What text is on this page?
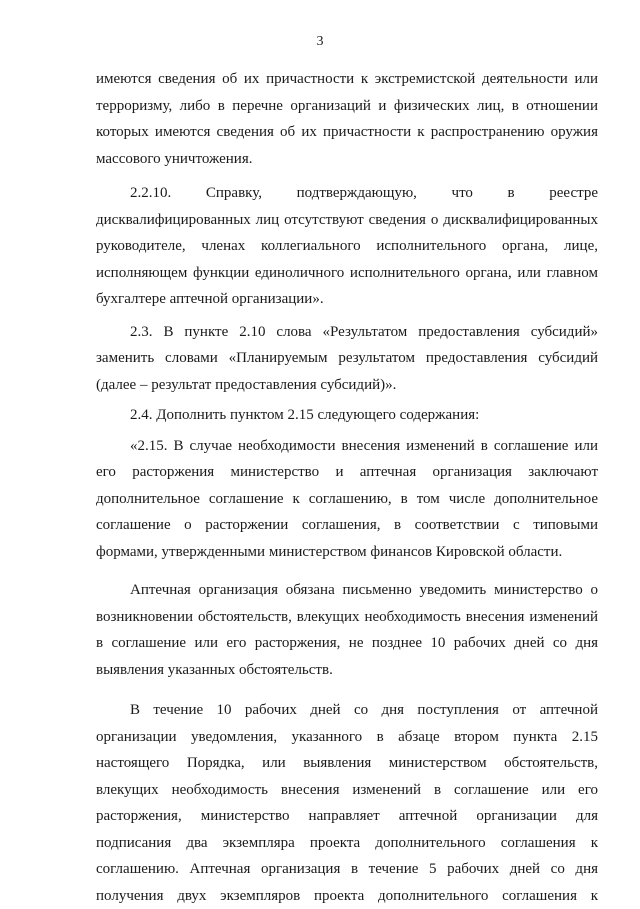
3
имеются сведения об их причастности к экстремистской деятельности или
терроризму, либо в перечне организаций и физических лиц, в отношении
которых имеются сведения об их причастности к распространению оружия
массового уничтожения.
2.2.10. Справку, подтверждающую, что в реестре
дисквалифицированных лиц отсутствуют сведения о дисквалифицированных
руководителе, членах коллегиального исполнительного органа, лице,
исполняющем функции единоличного исполнительного органа, или главном
бухгалтере аптечной организации».
2.3. В пункте 2.10 слова «Результатом предоставления субсидий»
заменить словами «Планируемым результатом предоставления субсидий
(далее – результат предоставления субсидий)».
2.4. Дополнить пунктом 2.15 следующего содержания:
«2.15. В случае необходимости внесения изменений в соглашение или
его расторжения министерство и аптечная организация заключают
дополнительное соглашение к соглашению, в том числе дополнительное
соглашение о расторжении соглашения, в соответствии с типовыми
формами, утвержденными министерством финансов Кировской области.
Аптечная организация обязана письменно уведомить министерство о
возникновении обстоятельств, влекущих необходимость внесения изменений
в соглашение или его расторжения, не позднее 10 рабочих дней со дня
выявления указанных обстоятельств.
В течение 10 рабочих дней со дня поступления от аптечной
организации уведомления, указанного в абзаце втором пункта 2.15
настоящего Порядка, или выявления министерством обстоятельств,
влекущих необходимость внесения изменений в соглашение или его
расторжения, министерство направляет аптечной организации для
подписания два экземпляра проекта дополнительного соглашения к
соглашению. Аптечная организация в течение 5 рабочих дней со дня
получения двух экземпляров проекта дополнительного соглашения к
